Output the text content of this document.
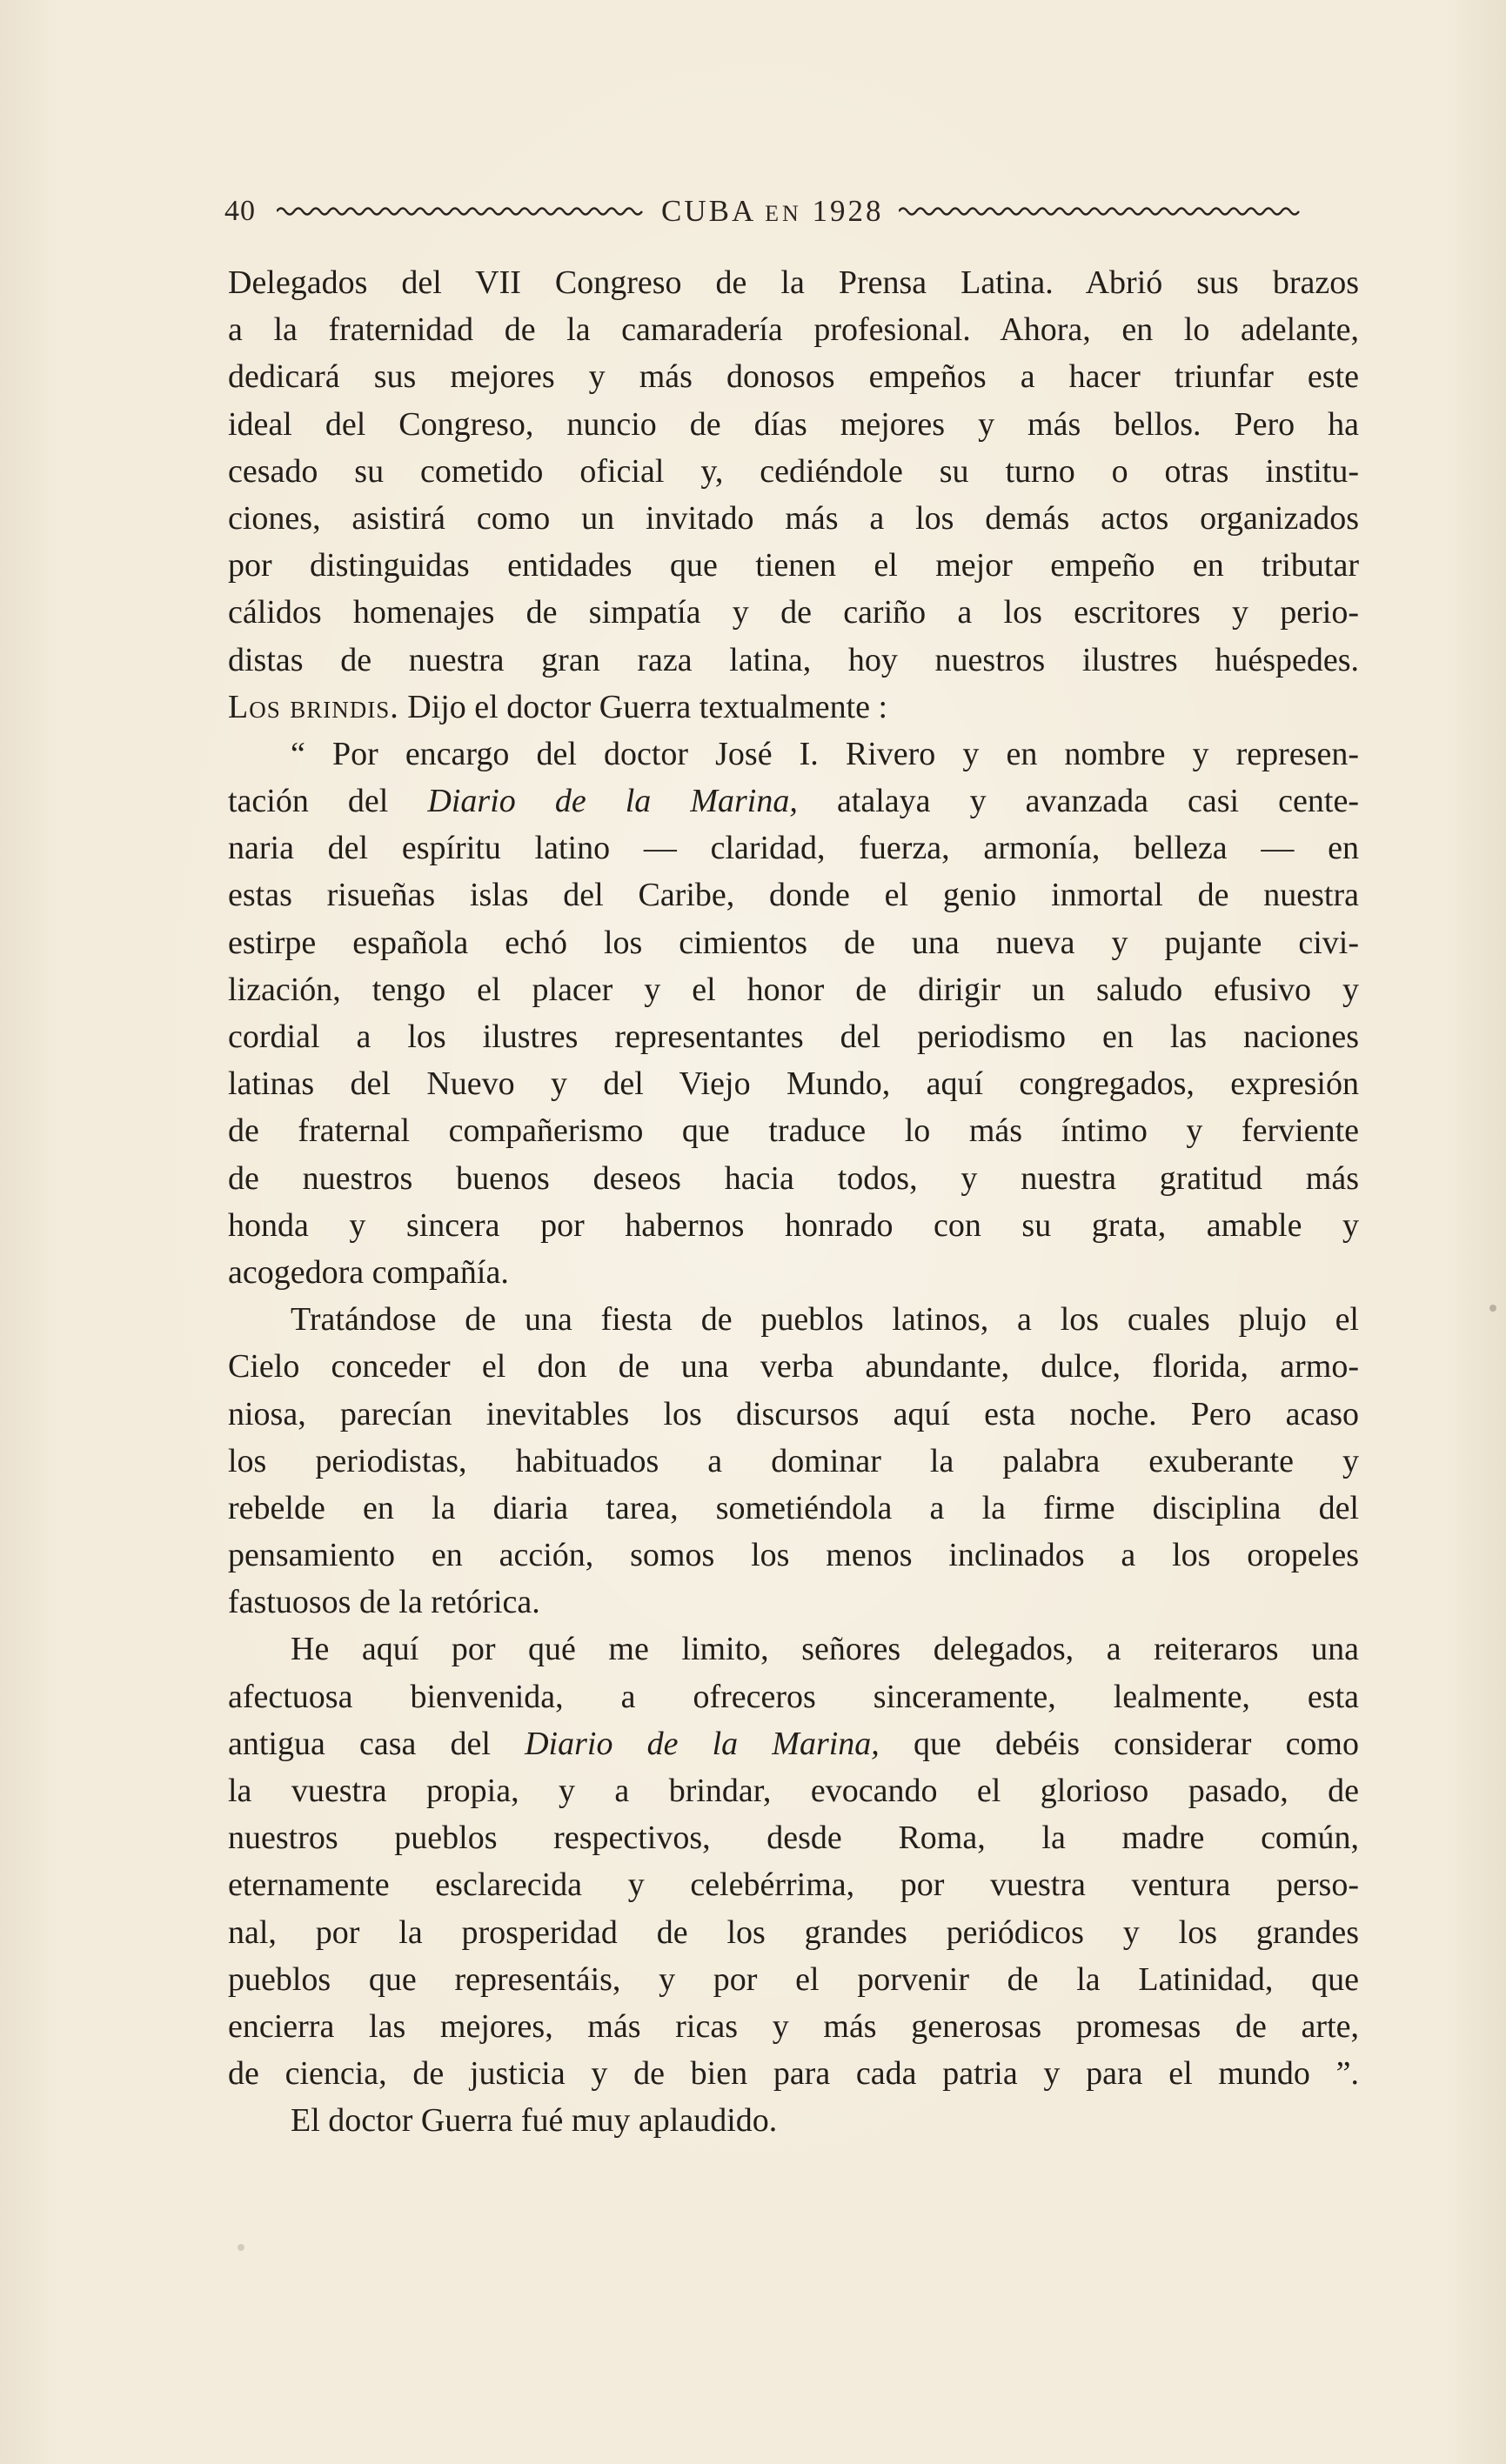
40	CUBA EN 1928
Delegados del VII Congreso de la Prensa Latina. Abrió sus brazos
a la fraternidad de la camaradería profesional. Ahora, en lo adelante,
dedicará sus mejores y más donosos empeños a hacer triunfar este
ideal del Congreso, nuncio de días mejores y más bellos. Pero ha
cesado su cometido oficial y, cediéndole su turno o otras institu-
ciones, asistirá como un invitado más a los demás actos organizados
por distinguidas entidades que tienen el mejor empeño en tributar
cálidos homenajes de simpatía y de cariño a los escritores y perio-
distas de nuestra gran raza latina, hoy nuestros ilustres huéspedes.
Los brindis. Dijo el doctor Guerra textualmente :
“ Por encargo del doctor José I. Rivero y en nombre y represen-
tación del Diario de la Marina, atalaya y avanzada casi cente-
naria del espíritu latino — claridad, fuerza, armonía, belleza — en
estas risueñas islas del Caribe, donde el genio inmortal de nuestra
estirpe española echó los cimientos de una nueva y pujante civi-
lización, tengo el placer y el honor de dirigir un saludo efusivo y
cordial a los ilustres representantes del periodismo en las naciones
latinas del Nuevo y del Viejo Mundo, aquí congregados, expresión
de fraternal compañerismo que traduce lo más íntimo y ferviente
de nuestros buenos deseos hacia todos, y nuestra gratitud más
honda y sincera por habernos honrado con su grata, amable y
acogedora compañía.
Tratándose de una fiesta de pueblos latinos, a los cuales plujo el
Cielo conceder el don de una verba abundante, dulce, florida, armo-
niosa, parecían inevitables los discursos aquí esta noche. Pero acaso
los periodistas, habituados a dominar la palabra exuberante y
rebelde en la diaria tarea, sometiéndola a la firme disciplina del
pensamiento en acción, somos los menos inclinados a los oropeles
fastuosos de la retórica.
He aquí por qué me limito, señores delegados, a reiteraros una
afectuosa bienvenida, a ofreceros sinceramente, lealmente, esta
antigua casa del Diario de la Marina, que debéis considerar como
la vuestra propia, y a brindar, evocando el glorioso pasado, de
nuestros pueblos respectivos, desde Roma, la madre común,
eternamente esclarecida y celebérrima, por vuestra ventura perso-
nal, por la prosperidad de los grandes periódicos y los grandes
pueblos que representáis, y por el porvenir de la Latinidad, que
encierra las mejores, más ricas y más generosas promesas de arte,
de ciencia, de justicia y de bien para cada patria y para el mundo ”.
El doctor Guerra fué muy aplaudido.
